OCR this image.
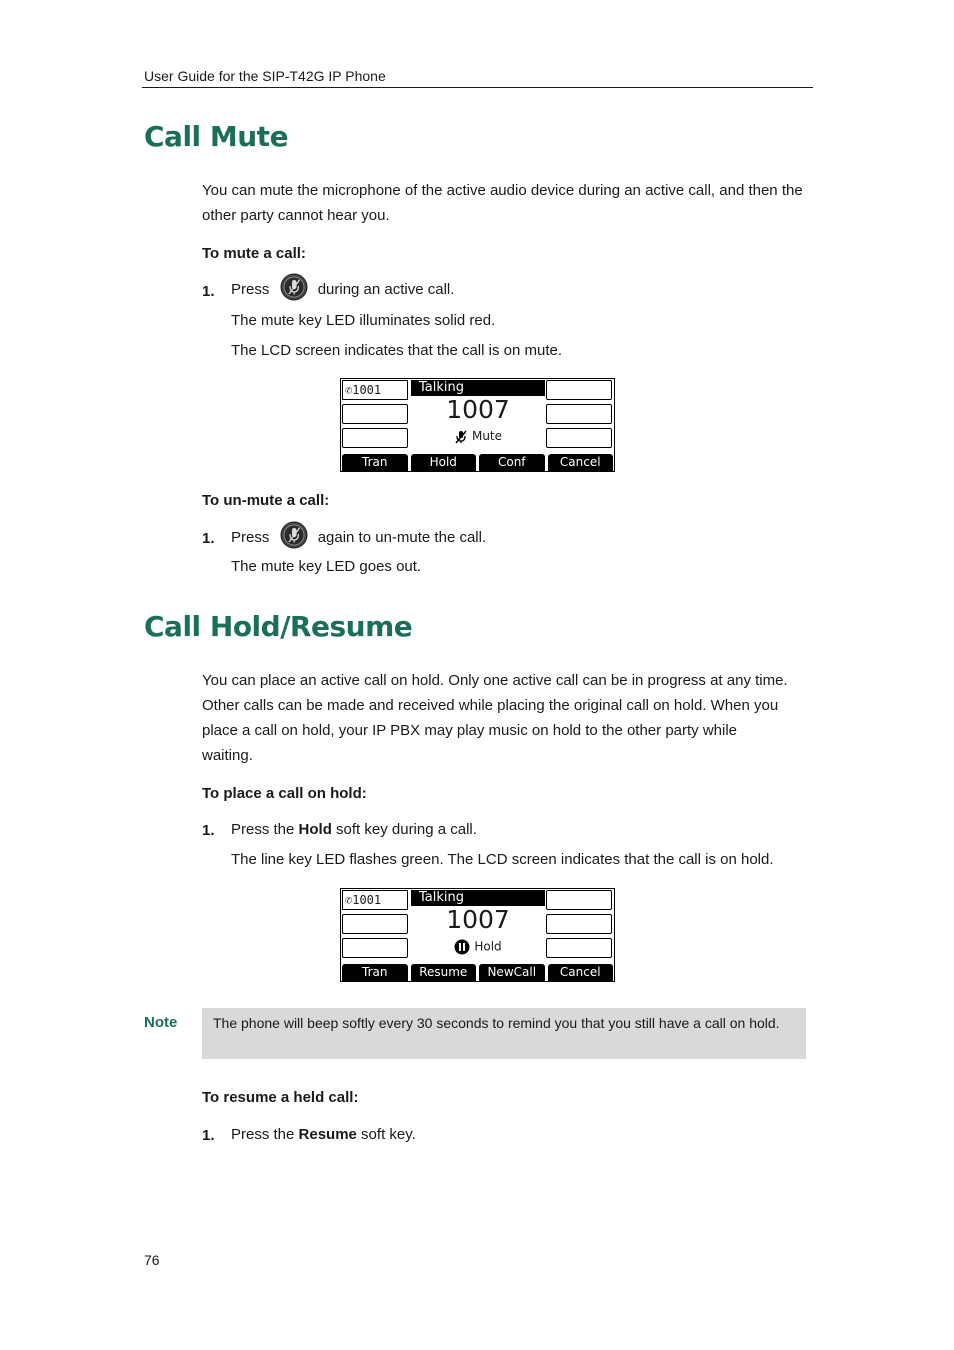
User Guide for the SIP-T42G IP Phone
Call Mute
You can mute the microphone of the active audio device during an active call, and then the other party cannot hear you.
To mute a call:
1. Press	during an active call.
The mute key LED illuminates solid red.
The LCD screen indicates that the call is on mute.
✆1001	Talking
1007
Mute
Tran	Hold	Conf	Cancel
To un-mute a call:
1. Press	again to un-mute the call.
The mute key LED goes out.
Call Hold/Resume
You can place an active call on hold. Only one active call can be in progress at any time.
Other calls can be made and received while placing the original call on hold. When you
place a call on hold, your IP PBX may play music on hold to the other party while
waiting.
To place a call on hold:
1. Press the Hold soft key during a call.
The line key LED flashes green. The LCD screen indicates that the call is on hold.
✆1001	Talking
1007
Hold
Tran	Resume	NewCall	Cancel
Note	The phone will beep softly every 30 seconds to remind you that you still have a call on hold.
To resume a held call:
1. Press the Resume soft key.
76
